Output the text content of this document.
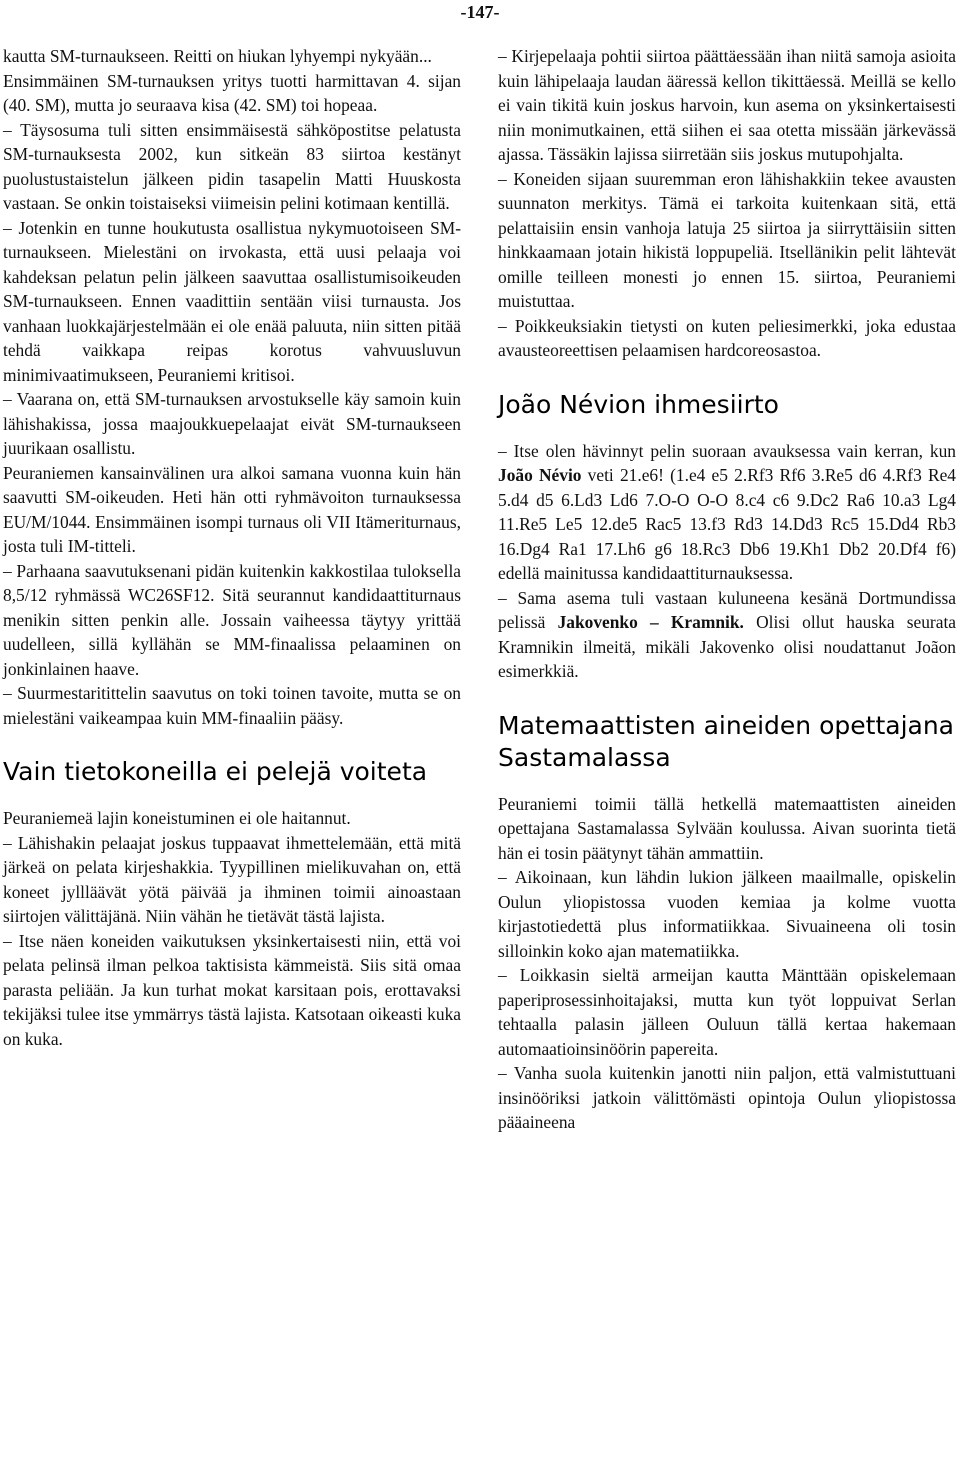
-147-

kautta SM-turnaukseen. Reitti on hiukan lyhyempi nykyään...

Ensimmäinen SM-turnauksen yritys tuotti harmittavan 4. sijan (40. SM), mutta jo seuraava kisa (42. SM) toi hopeaa.

– Täysosuma tuli sitten ensimmäisestä sähköpostitse pelatusta SM-turnauksesta 2002, kun sitkeän 83 siirtoa kestänyt puolustustaistelun jälkeen pidin tasapelin Matti Huuskosta vastaan. Se onkin toistaiseksi viimeisin pelini kotimaan kentillä.

– Jotenkin en tunne houkutusta osallistua nykymuotoiseen SM-turnaukseen. Mielestäni on irvokasta, että uusi pelaaja voi kahdeksan pelatun pelin jälkeen saavuttaa osallistumisoikeuden SM-turnaukseen. Ennen vaadittiin sentään viisi turnausta. Jos vanhaan luokkajärjestelmään ei ole enää paluuta, niin sitten pitää tehdä vaikkapa reipas korotus vahvuusluvun minimivaatimukseen, Peuraniemi kritisoi.

– Vaarana on, että SM-turnauksen arvostukselle käy samoin kuin lähishakissa, jossa maajoukkuepelaajat eivät SM-turnaukseen juurikaan osallistu.

Peuraniemen kansainvälinen ura alkoi samana vuonna kuin hän saavutti SM-oikeuden. Heti hän otti ryhmävoiton turnauksessa EU/M/1044. Ensimmäinen isompi turnaus oli VII Itämeriturnaus, josta tuli IM-titteli.

– Parhaana saavutuksenani pidän kuitenkin kakkostilaa tuloksella 8,5/12 ryhmässä WC26SF12. Sitä seurannut kandidaattiturnaus menikin sitten penkin alle. Jossain vaiheessa täytyy yrittää uudelleen, sillä kyllähän se MM-finaalissa pelaaminen on jonkinlainen haave.

– Suurmestaritittelin saavutus on toki toinen tavoite, mutta se on mielestäni vaikeampaa kuin MM-finaaliin pääsy.

Vain tietokoneilla ei pelejä voiteta

Peuraniemeä lajin koneistuminen ei ole haitannut.

– Lähishakin pelaajat joskus tuppaavat ihmettelemään, että mitä järkeä on pelata kirjeshakkia. Tyypillinen mielikuvahan on, että koneet jyllläävät yötä päivää ja ihminen toimii ainoastaan siirtojen välittäjänä. Niin vähän he tietävät tästä lajista.

– Itse näen koneiden vaikutuksen yksinkertaisesti niin, että voi pelata pelinsä ilman pelkoa taktisista kämmeistä. Siis sitä omaa parasta peliään. Ja kun turhat mokat karsitaan pois, erottavaksi tekijäksi tulee itse ymmärrys tästä lajista. Katsotaan oikeasti kuka on kuka.

– Kirjepelaaja pohtii siirtoa päättäessään ihan niitä samoja asioita kuin lähipelaaja laudan ääressä kellon tikittäessä. Meillä se kello ei vain tikitä kuin joskus harvoin, kun asema on yksinkertaisesti niin monimutkainen, että siihen ei saa otetta missään järkevässä ajassa. Tässäkin lajissa siirretään siis joskus mutupohjalta.

– Koneiden sijaan suuremman eron lähishakkiin tekee avausten suunnaton merkitys. Tämä ei tarkoita kuitenkaan sitä, että pelattaisiin ensin vanhoja latuja 25 siirtoa ja siirryttäisiin sitten hinkkaamaan jotain hikistä loppupeliä. Itsellänikin pelit lähtevät omille teilleen monesti jo ennen 15. siirtoa, Peuraniemi muistuttaa.

– Poikkeuksiakin tietysti on kuten peliesimerkki, joka edustaa avausteoreettisen pelaamisen hardcoreosastoa.

João Névion ihmesiirto

– Itse olen hävinnyt pelin suoraan avauksessa vain kerran, kun João Névio veti 21.e6! (1.e4 e5 2.Rf3 Rf6 3.Re5 d6 4.Rf3 Re4 5.d4 d5 6.Ld3 Ld6 7.O-O O-O 8.c4 c6 9.Dc2 Ra6 10.a3 Lg4 11.Re5 Le5 12.de5 Rac5 13.f3 Rd3 14.Dd3 Rc5 15.Dd4 Rb3 16.Dg4 Ra1 17.Lh6 g6 18.Rc3 Db6 19.Kh1 Db2 20.Df4 f6) edellä mainitussa kandidaattiturnauksessa.

– Sama asema tuli vastaan kuluneena kesänä Dortmundissa pelissä Jakovenko – Kramnik. Olisi ollut hauska seurata Kramnikin ilmeitä, mikäli Jakovenko olisi noudattanut Joãon esimerkkiä.

Matemaattisten aineiden opettajana Sastamalassa

Peuraniemi toimii tällä hetkellä matemaattisten aineiden opettajana Sastamalassa Sylvään koulussa. Aivan suorinta tietä hän ei tosin päätynyt tähän ammattiin.

– Aikoinaan, kun lähdin lukion jälkeen maailmalle, opiskelin Oulun yliopistossa vuoden kemiaa ja kolme vuotta kirjastotiedettä plus informatiikkaa. Sivuaineena oli tosin silloinkin koko ajan matematiikka.

– Loikkasin sieltä armeijan kautta Mänttään opiskelemaan paperiprosessinhoitajaksi, mutta kun työt loppuivat Serlan tehtaalla palasin jälleen Ouluun tällä kertaa hakemaan automaatioinsinöörin papereita.

– Vanha suola kuitenkin janotti niin paljon, että valmistuttuani insinööriksi jatkoin välittömästi opintoja Oulun yliopistossa pääaineena
